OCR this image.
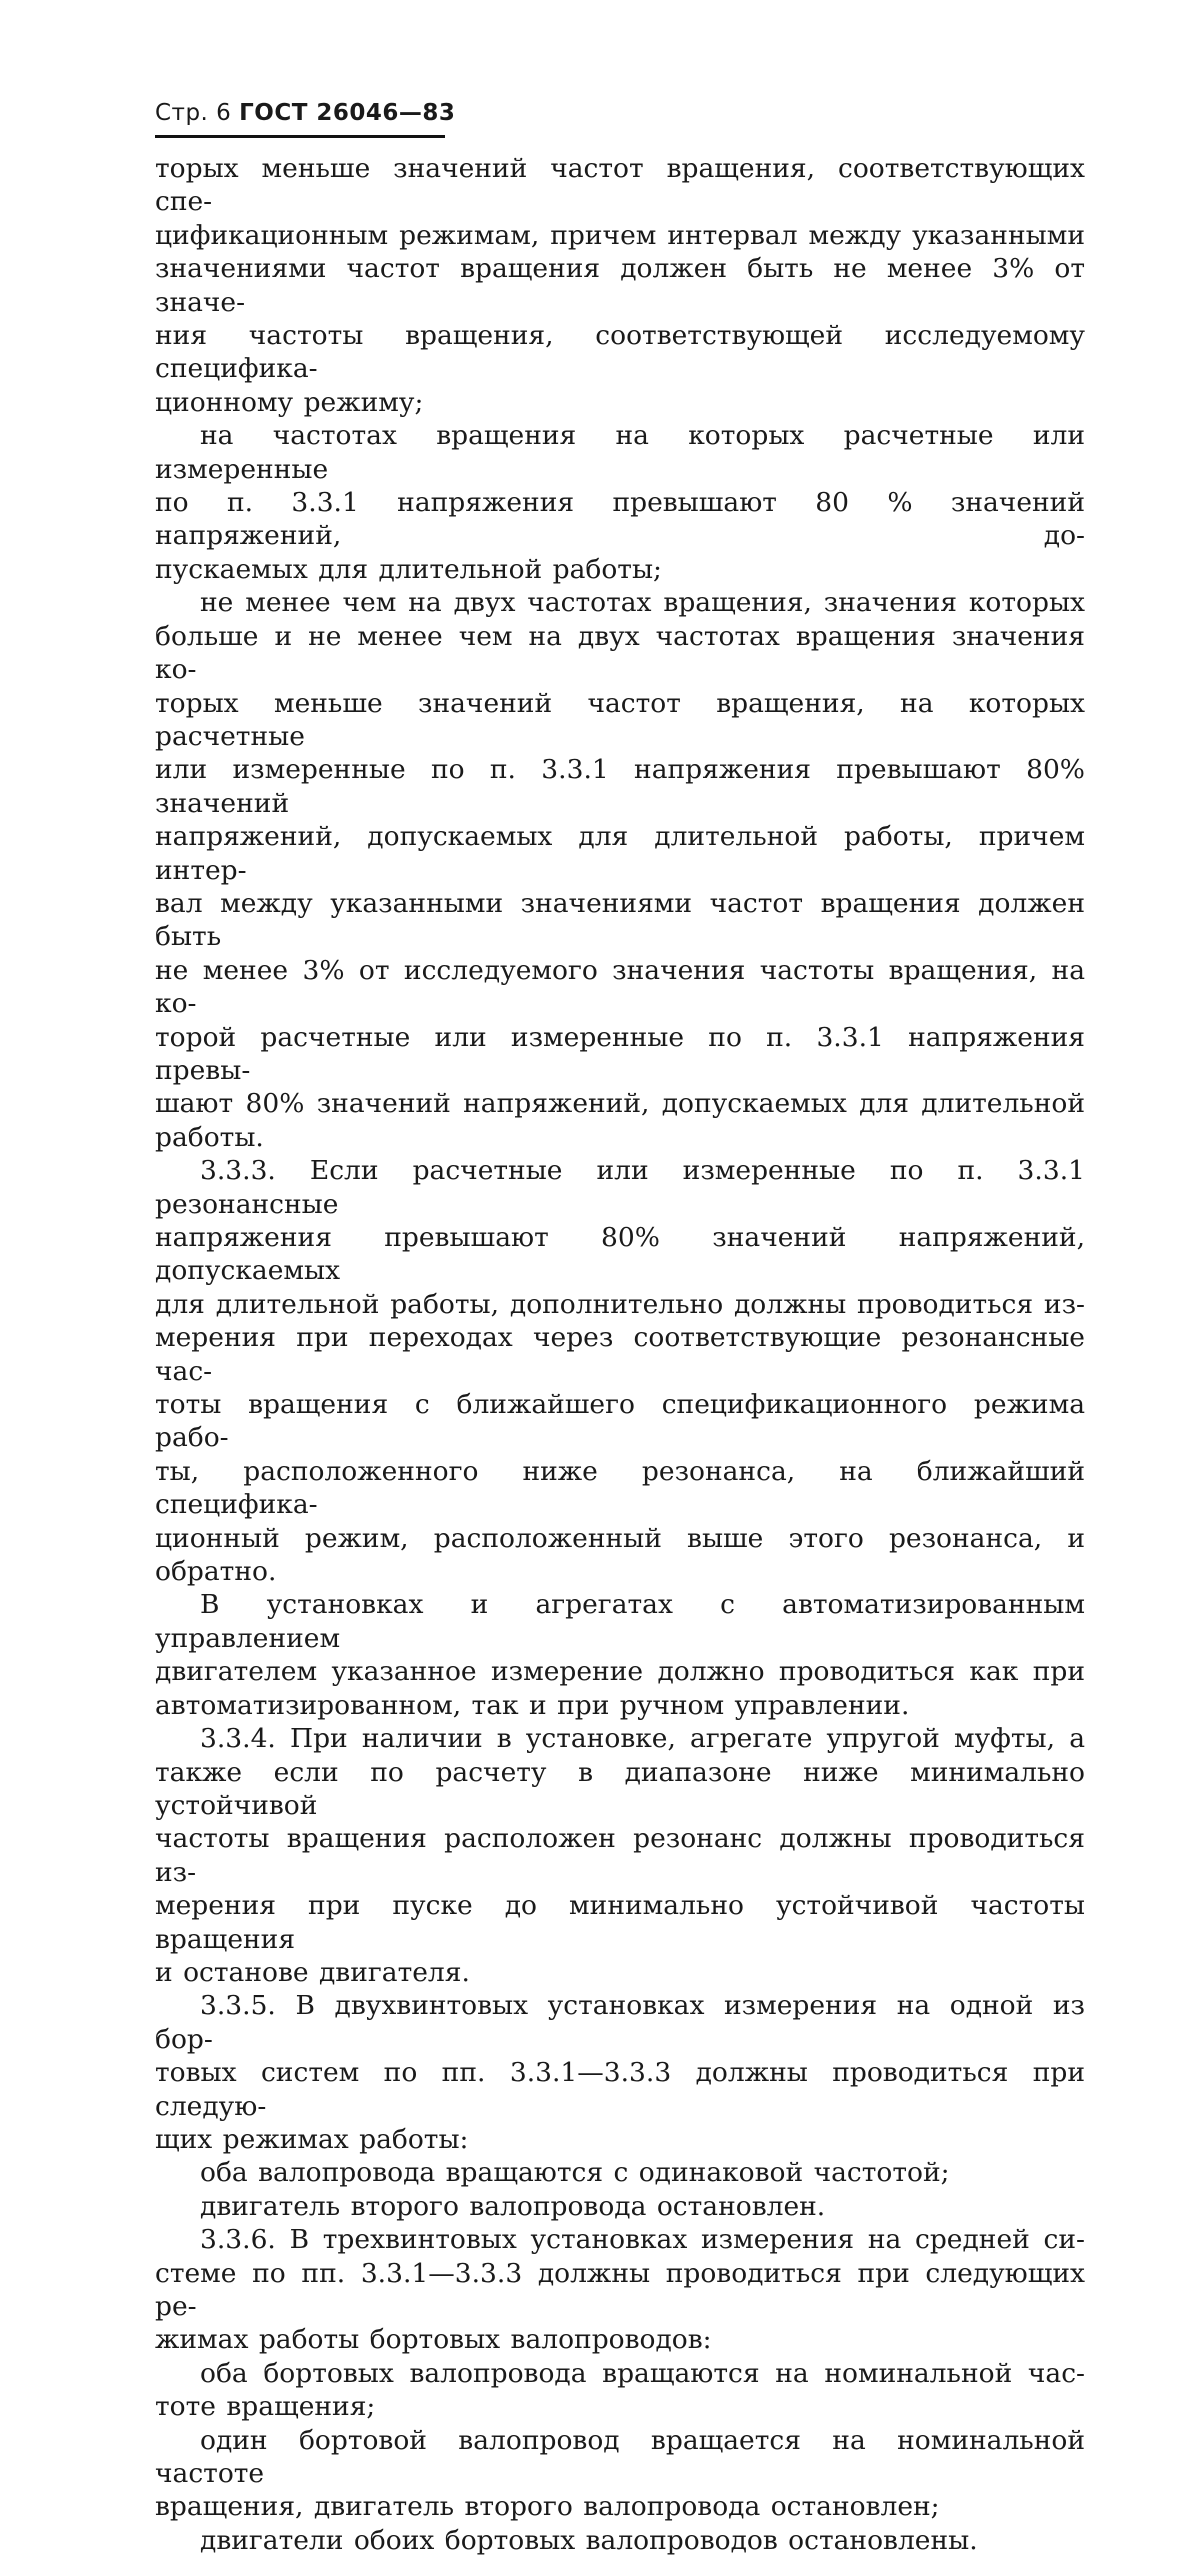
Стр. 6 ГОСТ 26046—83

торых меньше значений частот вращения, соответствующих спе-

цификационным режимам, причем интервал между указанными

значениями частот вращения должен быть не менее 3% от значе-

ния частоты вращения, соответствующей исследуемому специфика-

ционному режиму;

на частотах вращения на которых расчетные или измеренные

по п. 3.3.1 напряжения превышают 80 % значений напряжений, до-

пускаемых для длительной работы;

не менее чем на двух частотах вращения, значения которых

больше и не менее чем на двух частотах вращения значения ко-

торых меньше значений частот вращения, на которых расчетные

или измеренные по п. 3.3.1 напряжения превышают 80% значений

напряжений, допускаемых для длительной работы, причем интер-

вал между указанными значениями частот вращения должен быть

не менее 3% от исследуемого значения частоты вращения, на ко-

торой расчетные или измеренные по п. 3.3.1 напряжения превы-

шают 80% значений напряжений, допускаемых для длительной

работы.

3.3.3. Если расчетные или измеренные по п. 3.3.1 резонансные

напряжения превышают 80% значений напряжений, допускаемых

для длительной работы, дополнительно должны проводиться из-

мерения при переходах через соответствующие резонансные час-

тоты вращения с ближайшего спецификационного режима рабо-

ты, расположенного ниже резонанса, на ближайший специфика-

ционный режим, расположенный выше этого резонанса, и обратно.

В установках и агрегатах с автоматизированным управлением

двигателем указанное измерение должно проводиться как при

автоматизированном, так и при ручном управлении.

3.3.4. При наличии в установке, агрегате упругой муфты, а

также если по расчету в диапазоне ниже минимально устойчивой

частоты вращения расположен резонанс должны проводиться из-

мерения при пуске до минимально устойчивой частоты вращения

и останове двигателя.

3.3.5. В двухвинтовых установках измерения на одной из бор-

товых систем по пп. 3.3.1—3.3.3 должны проводиться при следую-

щих режимах работы:

оба валопровода вращаются с одинаковой частотой;

двигатель второго валопровода остановлен.

3.3.6. В трехвинтовых установках измерения на средней си-

стеме по пп. 3.3.1—3.3.3 должны проводиться при следующих ре-

жимах работы бортовых валопроводов:

оба бортовых валопровода вращаются на номинальной час-

тоте вращения;

один бортовой валопровод вращается на номинальной частоте

вращения, двигатель второго валопровода остановлен;

двигатели обоих бортовых валопроводов остановлены.
